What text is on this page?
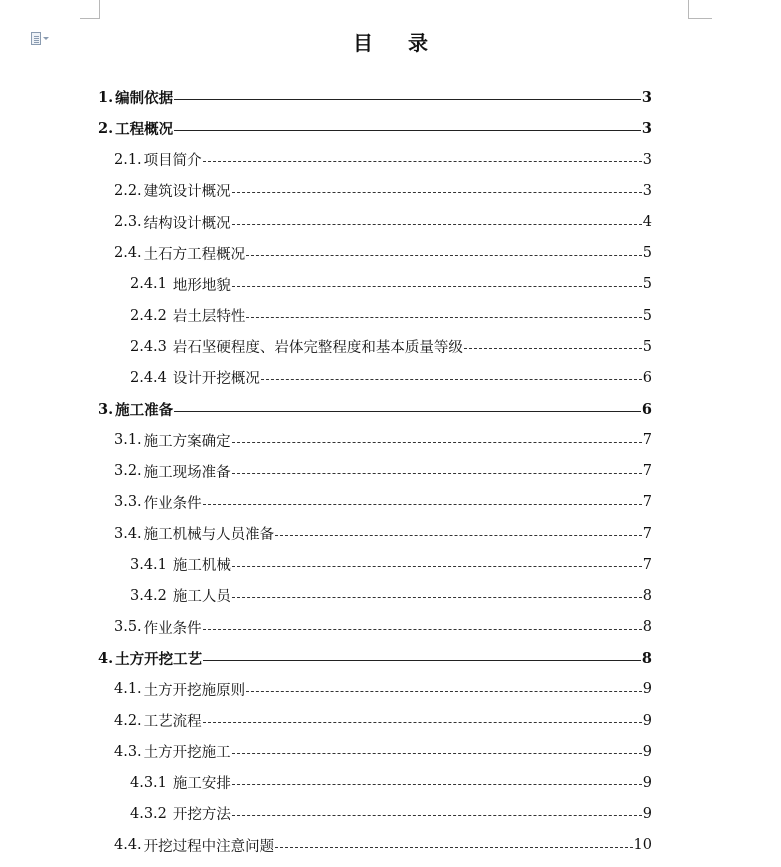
目 录
1. 编制依据	3
2. 工程概况	3
2.1. 项目简介	3
2.2. 建筑设计概况	3
2.3. 结构设计概况	4
2.4. 土石方工程概况	5
2.4.1 地形地貌	5
2.4.2 岩土层特性	5
2.4.3 岩石坚硬程度、岩体完整程度和基本质量等级	5
2.4.4 设计开挖概况	6
3. 施工准备	6
3.1. 施工方案确定	7
3.2. 施工现场准备	7
3.3. 作业条件	7
3.4. 施工机械与人员准备	7
3.4.1 施工机械	7
3.4.2 施工人员	8
3.5. 作业条件	8
4. 土方开挖工艺	8
4.1. 土方开挖施原则	9
4.2. 工艺流程	9
4.3. 土方开挖施工	9
4.3.1 施工安排	9
4.3.2 开挖方法	9
4.4. 开挖过程中注意问题	10
